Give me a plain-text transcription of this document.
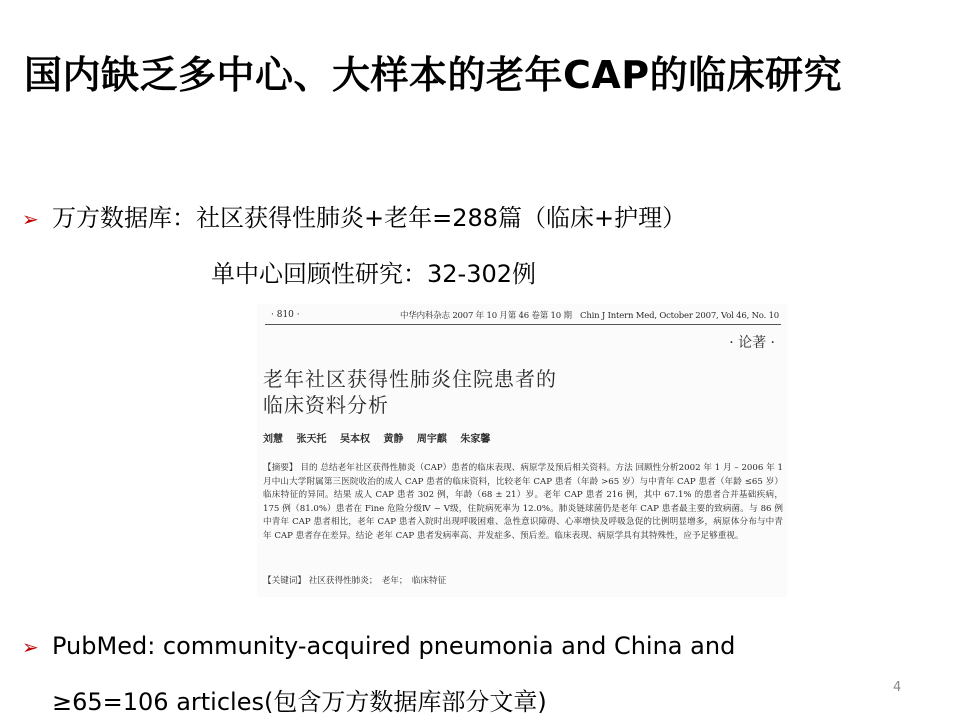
国内缺乏多中心、大样本的老年CAP的临床研究
➢ 万方数据库：社区获得性肺炎+老年=288篇（临床+护理）
单中心回顾性研究：32-302例
· 810 ·	中华内科杂志 2007 年 10 月第 46 卷第 10 期　Chin J Intern Med, October 2007, Vol 46, No. 10
· 论著 ·
老年社区获得性肺炎住院患者的
临床资料分析
刘慧 张天托 吴本权 黄静 周宇麒 朱家馨
【摘要】 目的 总结老年社区获得性肺炎（CAP）患者的临床表现、病原学及预后相关资料。方法 回顾性分析2002 年 1 月 – 2006 年 1 月中山大学附属第三医院收治的成人 CAP 患者的临床资料，比较老年 CAP 患者（年龄 >65 岁）与中青年 CAP 患者（年龄 ≤65 岁）临床特征的异同。结果 成人 CAP 患者 302 例，年龄（68 ± 21）岁。老年 CAP 患者 216 例，其中 67.1% 的患者合并基础疾病，175 例（81.0%）患者在 Fine 危险分级Ⅳ ~ Ⅴ级，住院病死率为 12.0%。肺炎链球菌仍是老年 CAP 患者最主要的致病菌。与 86 例中青年 CAP 患者相比，老年 CAP 患者入院时出现呼吸困难、急性意识障碍、心率增快及呼吸急促的比例明显增多，病原体分布与中青年 CAP 患者存在差异。结论 老年 CAP 患者发病率高、并发症多、预后差。临床表现、病原学具有其特殊性，应予足够重视。
【关键词】 社区获得性肺炎；　老年；　临床特征
➢ PubMed: community-acquired pneumonia and China and
≥65=106 articles(包含万方数据库部分文章)
4
